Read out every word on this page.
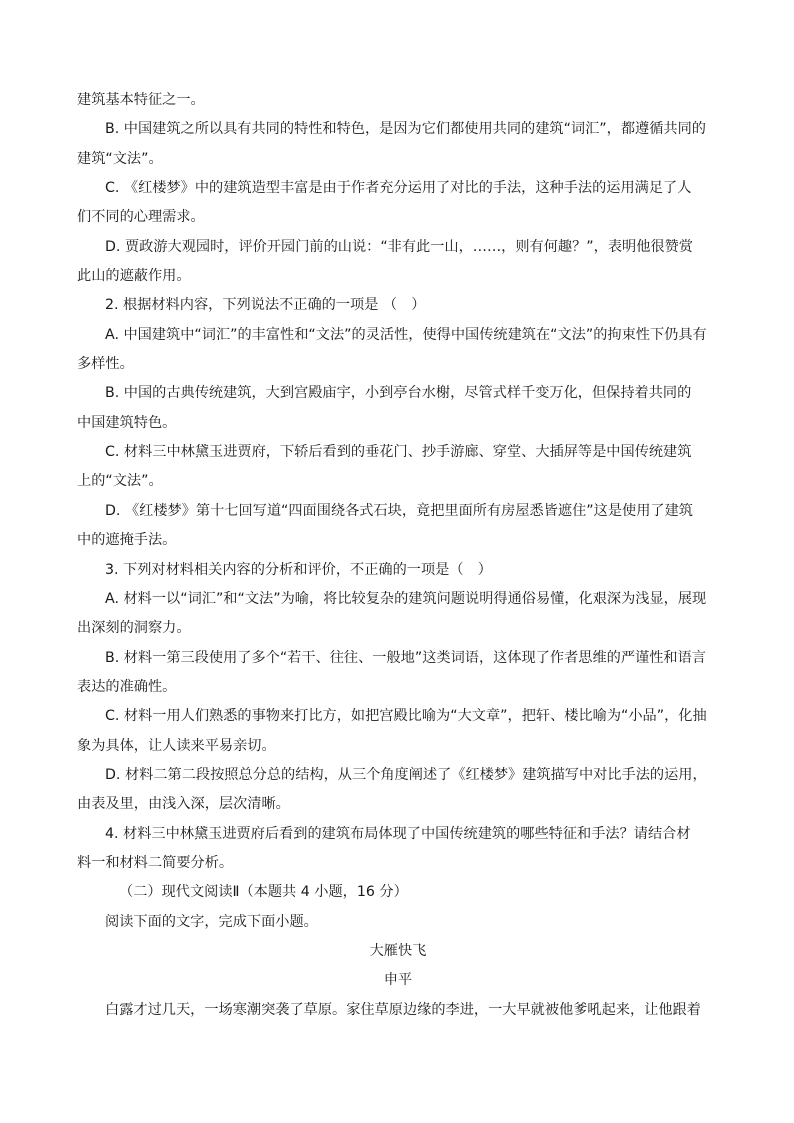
建筑基本特征之一。
B. 中国建筑之所以具有共同的特性和特色，是因为它们都使用共同的建筑“词汇”，都遵循共同的
建筑“文法”。
C. 《红楼梦》中的建筑造型丰富是由于作者充分运用了对比的手法，这种手法的运用满足了人
们不同的心理需求。
D. 贾政游大观园时，评价开园门前的山说：“非有此一山，……，则有何趣？”，表明他很赞赏
此山的遮蔽作用。
2. 根据材料内容，下列说法不正确的一项是 （　）
A. 中国建筑中“词汇”的丰富性和“文法”的灵活性，使得中国传统建筑在“文法”的拘束性下仍具有
多样性。
B. 中国的古典传统建筑，大到宫殿庙宇，小到亭台水榭，尽管式样千变万化，但保持着共同的
中国建筑特色。
C. 材料三中林黛玉进贾府，下轿后看到的垂花门、抄手游廊、穿堂、大插屏等是中国传统建筑
上的“文法”。
D. 《红楼梦》第十七回写道“四面围绕各式石块，竟把里面所有房屋悉皆遮住”这是使用了建筑
中的遮掩手法。
3. 下列对材料相关内容的分析和评价，不正确的一项是（　）
A. 材料一以“词汇”和“文法”为喻，将比较复杂的建筑问题说明得通俗易懂，化艰深为浅显，展现
出深刻的洞察力。
B. 材料一第三段使用了多个“若干、往往、一般地”这类词语，这体现了作者思维的严谨性和语言
表达的准确性。
C. 材料一用人们熟悉的事物来打比方，如把宫殿比喻为“大文章”，把轩、楼比喻为“小品”，化抽
象为具体，让人读来平易亲切。
D. 材料二第二段按照总分总的结构，从三个角度阐述了《红楼梦》建筑描写中对比手法的运用，
由表及里，由浅入深，层次清晰。
4. 材料三中林黛玉进贾府后看到的建筑布局体现了中国传统建筑的哪些特征和手法？请结合材
料一和材料二简要分析。
（二）现代文阅读Ⅱ（本题共 4 小题，16 分）
阅读下面的文字，完成下面小题。
大雁快飞
申平
白露才过几天，一场寒潮突袭了草原。家住草原边缘的李进，一大早就被他爹吼起来，让他跟着
